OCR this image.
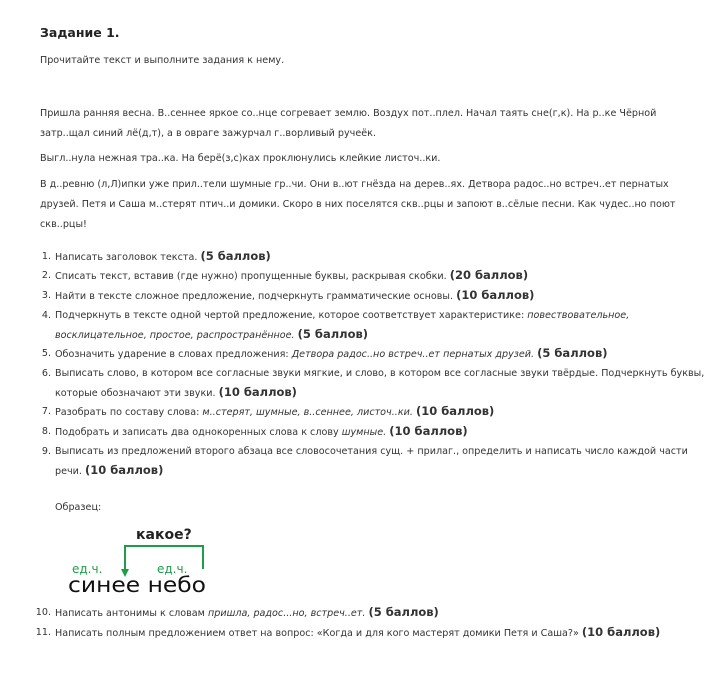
Задание 1.
Прочитайте текст и выполните задания к нему.
Пришла ранняя весна. В..сеннее яркое со..нце согревает землю. Воздух пот..плел. Начал таять сне(г,к). На р..ке Чёрной затр..щал синий лё(д,т), а в овраге зажурчал г..ворливый ручеёк.
Выгл..нула нежная тра..ка. На берё(з,с)ках проклюнулись клейкие листоч..ки.
В д..ревню (л,Л)ипки уже прил..тели шумные гр..чи. Они в..ют гнёзда на дерев..ях. Детвора радос..но встреч..ет пернатых друзей. Петя и Саша м..стерят птич..и домики. Скоро в них поселятся скв..рцы и запоют в..сёлые песни. Как чудес..но поют скв..рцы!
1. Написать заголовок текста. (5 баллов)
2. Списать текст, вставив (где нужно) пропущенные буквы, раскрывая скобки. (20 баллов)
3. Найти в тексте сложное предложение, подчеркнуть грамматические основы. (10 баллов)
4. Подчеркнуть в тексте одной чертой предложение, которое соответствует характеристике: повествовательное, восклицательное, простое, распространённое. (5 баллов)
5. Обозначить ударение в словах предложения: Детвора радос..но встреч..ет пернатых друзей. (5 баллов)
6. Выписать слово, в котором все согласные звуки мягкие, и слово, в котором все согласные звуки твёрдые. Подчеркнуть буквы, которые обозначают эти звуки. (10 баллов)
7. Разобрать по составу слова: м..стерят, шумные, в..сеннее, листоч..ки. (10 баллов)
8. Подобрать и записать два однокоренных слова к слову шумные. (10 баллов)
9. Выписать из предложений второго абзаца все словосочетания сущ. + прилаг., определить и написать число каждой части речи. (10 баллов)
10. Написать антонимы к словам пришла, радос...но, встреч..ет. (5 баллов)
11. Написать полным предложением ответ на вопрос: «Когда и для кого мастерят домики Петя и Саша?» (10 баллов)
Образец:
какое?
ед.ч.	ед.ч.
синее небо
